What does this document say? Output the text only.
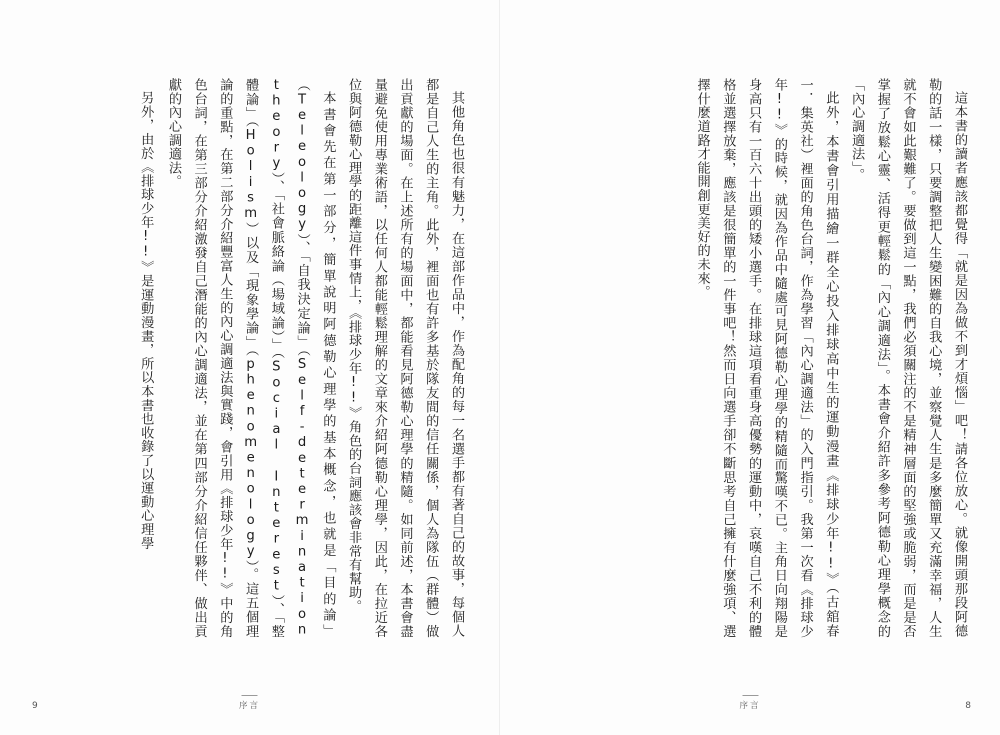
其他角色也很有魅力，在這部作品中，作為配角的每一名選手都有著自己的故事，每個人都是自己人生的主角。此外，裡面也有許多基於隊友間的信任關係，個人為隊伍（群體）做出貢獻的場面。在上述所有的場面中，都能看見阿德勒心理學的精隨。如同前述，本書會盡量避免使用專業術語，以任何人都能輕鬆理解的文章來介紹阿德勒心理學，因此，在拉近各位與阿德勒心理學的距離這件事情上，《排球少年!!》角色的台詞應該會非常有幫助。

本書會先在第一部分，簡單說明阿德勒心理學的基本概念，也就是「目的論」（Teleology）、「自我決定論」（Self-determination theory）、「社會脈絡論（場域論）」（Social Interest）、「整體論」（Holism）以及「現象學論」（phenomenology）。這五個理論的重點，在第二部分介紹豐富人生的內心調適法與實踐，會引用《排球少年!!》中的角色台詞，在第三部分介紹激發自己潛能的內心調適法，並在第四部分介紹信任夥伴、做出貢獻的內心調適法。

另外，由於《排球少年!!》是運動漫畫，所以本書也收錄了以運動心理學

9	序言

這本書的讀者應該都覺得「就是因為做不到才煩惱」吧！請各位放心。就像開頭那段阿德勒的話一樣，只要調整把人生變困難的自我心境，並察覺人生是多麼簡單又充滿幸福，人生就不會如此艱難了。要做到這一點，我們必須關注的不是精神層面的堅強或脆弱，而是是否掌握了放鬆心靈、活得更輕鬆的「內心調適法」。本書會介紹許多參考阿德勒心理學概念的「內心調適法」。

此外，本書會引用描繪一群全心投入排球高中生的運動漫畫《排球少年!!》（古舘春一．集英社）裡面的角色台詞，作為學習「內心調適法」的入門指引。我第一次看《排球少年!!》的時候，就因為作品中隨處可見阿德勒心理學的精隨而驚嘆不已。主角日向翔陽是身高只有一百六十出頭的矮小選手。在排球這項看重身高優勢的運動中，哀嘆自己不利的體格並選擇放棄，應該是很簡單的一件事吧！然而日向選手卻不斷思考自己擁有什麼強項、選擇什麼道路才能開創更美好的未來。

8
序言
